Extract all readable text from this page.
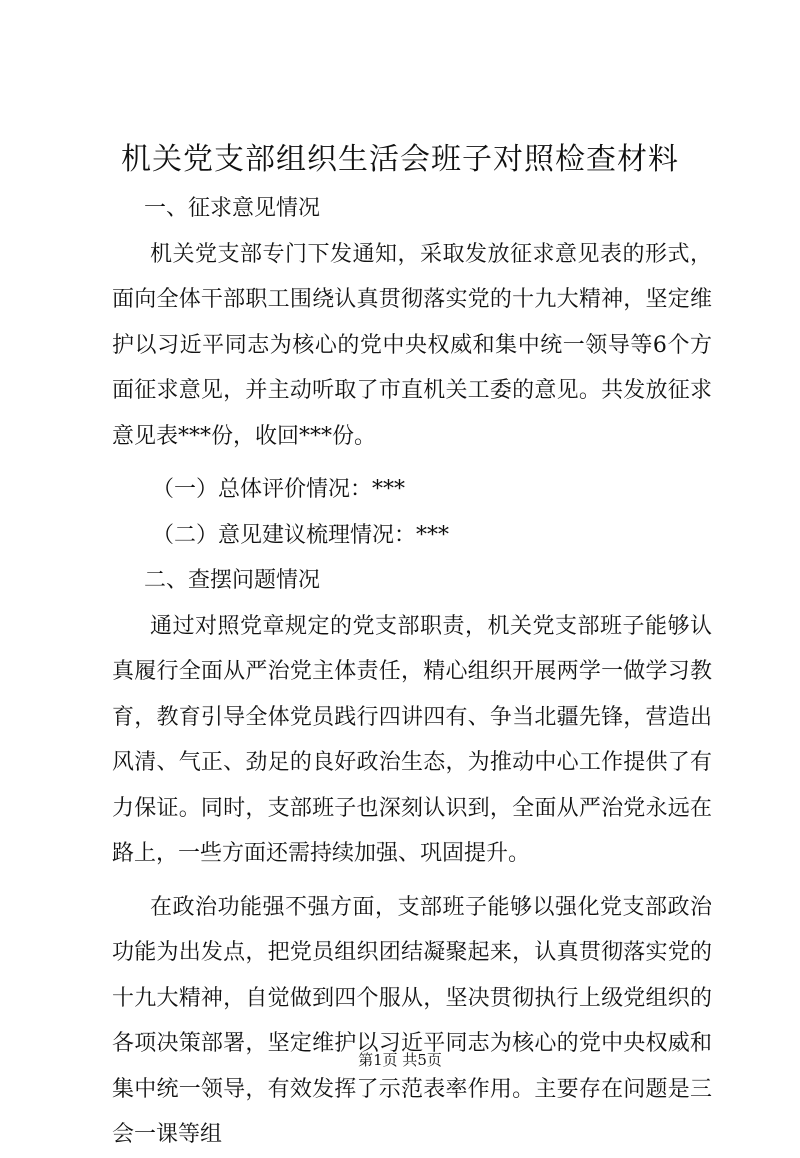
机关党支部组织生活会班子对照检查材料

一、征求意见情况

机关党支部专门下发通知，采取发放征求意见表的形式，面向全体干部职工围绕认真贯彻落实党的十九大精神，坚定维护以习近平同志为核心的党中央权威和集中统一领导等6个方面征求意见，并主动听取了市直机关工委的意见。共发放征求意见表***份，收回***份。

（一）总体评价情况：***

（二）意见建议梳理情况：***

二、查摆问题情况

通过对照党章规定的党支部职责，机关党支部班子能够认真履行全面从严治党主体责任，精心组织开展两学一做学习教育，教育引导全体党员践行四讲四有、争当北疆先锋，营造出风清、气正、劲足的良好政治生态，为推动中心工作提供了有力保证。同时，支部班子也深刻认识到，全面从严治党永远在路上，一些方面还需持续加强、巩固提升。

在政治功能强不强方面，支部班子能够以强化党支部政治功能为出发点，把党员组织团结凝聚起来，认真贯彻落实党的十九大精神，自觉做到四个服从，坚决贯彻执行上级党组织的各项决策部署，坚定维护以习近平同志为核心的党中央权威和集中统一领导，有效发挥了示范表率作用。主要存在问题是三会一课等组

第1页 共5页
